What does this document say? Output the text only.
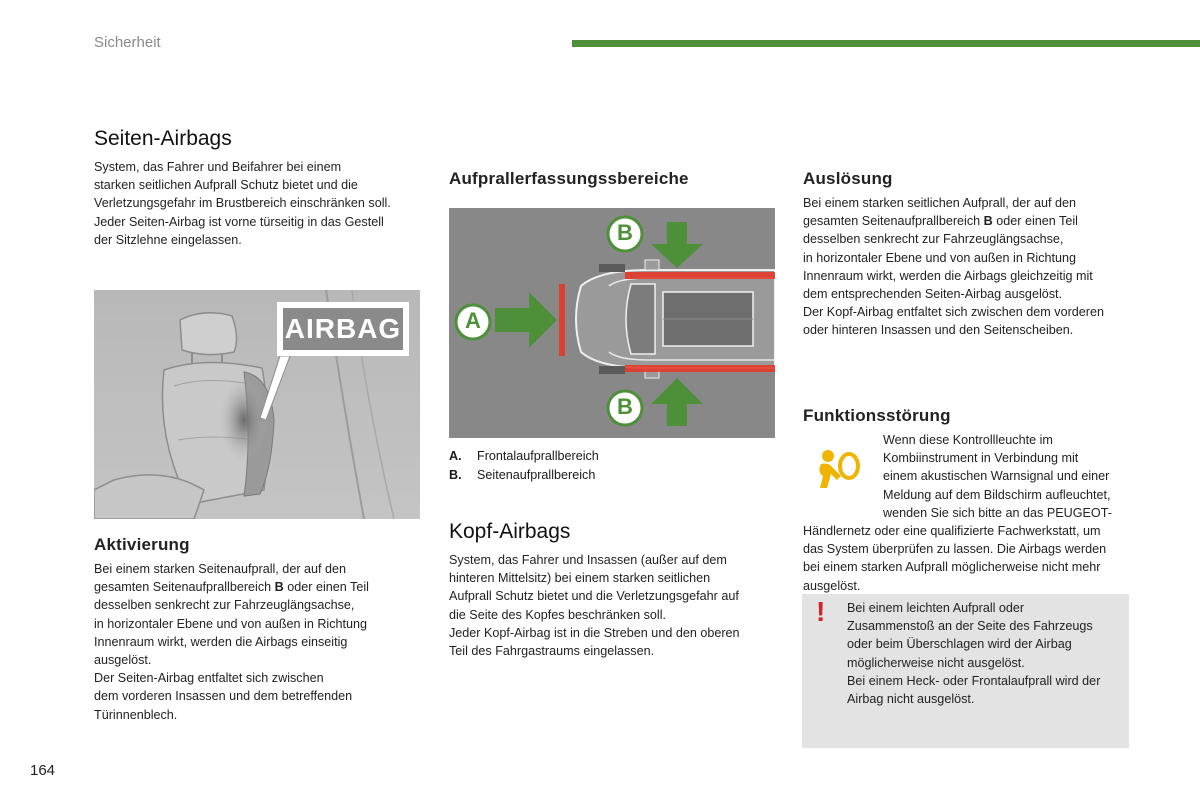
Sicherheit
Seiten-Airbags

System, das Fahrer und Beifahrer bei einem

starken seitlichen Aufprall Schutz bietet und die

Verletzungsgefahr im Brustbereich einschränken soll.

Jeder Seiten-Airbag ist vorne türseitig in das Gestell

der Sitzlehne eingelassen.

AIRBAG
Aktivierung

Bei einem starken Seitenaufprall, der auf den

gesamten Seitenaufprallbereich B oder einen Teil

desselben senkrecht zur Fahrzeuglängsachse,

in horizontaler Ebene und von außen in Richtung

Innenraum wirkt, werden die Airbags einseitig

ausgelöst.

Der Seiten-Airbag entfaltet sich zwischen

dem vorderen Insassen und dem betreffenden

Türinnenblech.

Aufprallerfassungssbereiche
A
B
B
A. Frontalaufprallbereich
B. Seitenaufprallbereich
Kopf-Airbags

System, das Fahrer und Insassen (außer auf dem

hinteren Mittelsitz) bei einem starken seitlichen

Aufprall Schutz bietet und die Verletzungsgefahr auf

die Seite des Kopfes beschränken soll.

Jeder Kopf-Airbag ist in die Streben und den oberen

Teil des Fahrgastraums eingelassen.

Auslösung

Bei einem starken seitlichen Aufprall, der auf den

gesamten Seitenaufprallbereich B oder einen Teil

desselben senkrecht zur Fahrzeuglängsachse,

in horizontaler Ebene und von außen in Richtung

Innenraum wirkt, werden die Airbags gleichzeitig mit

dem entsprechenden Seiten-Airbag ausgelöst.

Der Kopf-Airbag entfaltet sich zwischen dem vorderen

oder hinteren Insassen und den Seitenscheiben.

Funktionsstörung

Wenn diese Kontrollleuchte im

Kombiinstrument in Verbindung mit

einem akustischen Warnsignal und einer

Meldung auf dem Bildschirm aufleuchtet,

wenden Sie sich bitte an das PEUGEOT-

Händlernetz oder eine qualifizierte Fachwerkstatt, um

das System überprüfen zu lassen. Die Airbags werden

bei einem starken Aufprall möglicherweise nicht mehr

ausgelöst.

! Bei einem leichten Aufprall oder

Zusammenstoß an der Seite des Fahrzeugs

oder beim Überschlagen wird der Airbag

möglicherweise nicht ausgelöst.

Bei einem Heck- oder Frontalaufprall wird der

Airbag nicht ausgelöst.

164
